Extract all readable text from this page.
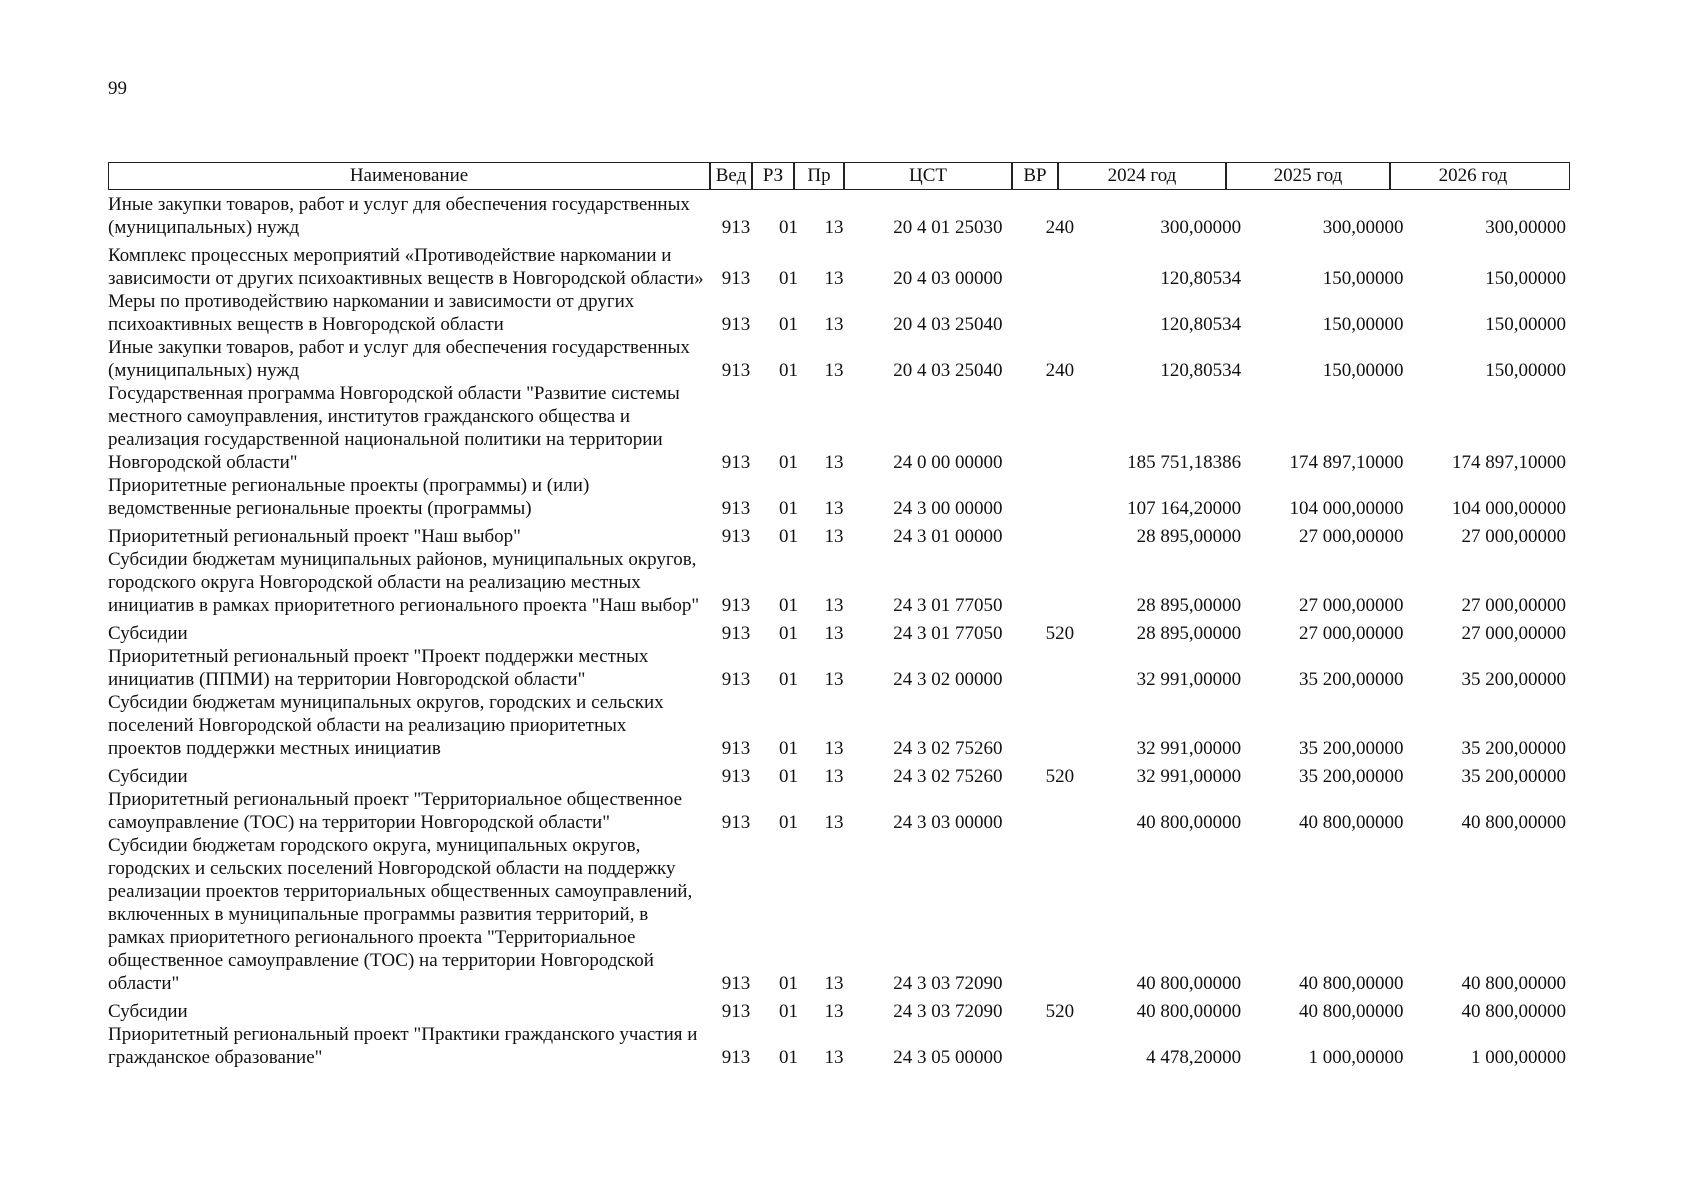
99
Наименование	Вед РЗ	Пр	ЦСТ	ВР	2024 год	2025 год	2026 год
Иные закупки товаров, работ и услуг для обеспечения государственных (муниципальных) нужд	913	01	13	20 4 01 25030	240	300,00000	300,00000	300,00000
Комплекс процессных мероприятий «Противодействие наркомании и зависимости от других психоактивных веществ в Новгородской области» 913	01	13	20 4 03 00000	120,80534	150,00000	150,00000
Меры по противодействию наркомании и зависимости от других психоактивных веществ в Новгородской области	913	01	13	20 4 03 25040	120,80534	150,00000	150,00000
Иные закупки товаров, работ и услуг для обеспечения государственных (муниципальных) нужд	913	01	13	20 4 03 25040	240	120,80534	150,00000	150,00000
Государственная программа Новгородской области "Развитие системы местного самоуправления, институтов гражданского общества и реализация государственной национальной политики на территории Новгородской области"	913	01	13	24 0 00 00000	185 751,18386	174 897,10000	174 897,10000
Приоритетные региональные проекты (программы) и (или) ведомственные региональные проекты (программы)	913	01	13	24 3 00 00000	107 164,20000	104 000,00000	104 000,00000
Приоритетный региональный проект "Наш выбор"	913	01	13	24 3 01 00000	28 895,00000	27 000,00000	27 000,00000
Субсидии бюджетам муниципальных районов, муниципальных округов, городского округа Новгородской области на реализацию местных инициатив в рамках приоритетного регионального проекта "Наш выбор"	913	01	13	24 3 01 77050	28 895,00000	27 000,00000	27 000,00000
Субсидии	913	01	13	24 3 01 77050	520	28 895,00000	27 000,00000	27 000,00000
Приоритетный региональный проект "Проект поддержки местных инициатив (ППМИ) на территории Новгородской области"	913	01	13	24 3 02 00000	32 991,00000	35 200,00000	35 200,00000
Субсидии бюджетам муниципальных округов, городских и сельских поселений Новгородской области на реализацию приоритетных проектов поддержки местных инициатив	913	01	13	24 3 02 75260	32 991,00000	35 200,00000	35 200,00000
Субсидии	913	01	13	24 3 02 75260	520	32 991,00000	35 200,00000	35 200,00000
Приоритетный региональный проект "Территориальное общественное самоуправление (ТОС) на территории Новгородской области"	913	01	13	24 3 03 00000	40 800,00000	40 800,00000	40 800,00000
Субсидии бюджетам городского округа, муниципальных округов, городских и сельских поселений Новгородской области на поддержку реализации проектов территориальных общественных самоуправлений, включенных в муниципальные программы развития территорий, в рамках приоритетного регионального проекта "Территориальное общественное самоуправление (ТОС) на территории Новгородской области"	913	01	13	24 3 03 72090	40 800,00000	40 800,00000	40 800,00000
Субсидии	913	01	13	24 3 03 72090	520	40 800,00000	40 800,00000	40 800,00000
Приоритетный региональный проект "Практики гражданского участия и гражданское образование"	913	01	13	24 3 05 00000	4 478,20000	1 000,00000	1 000,00000
